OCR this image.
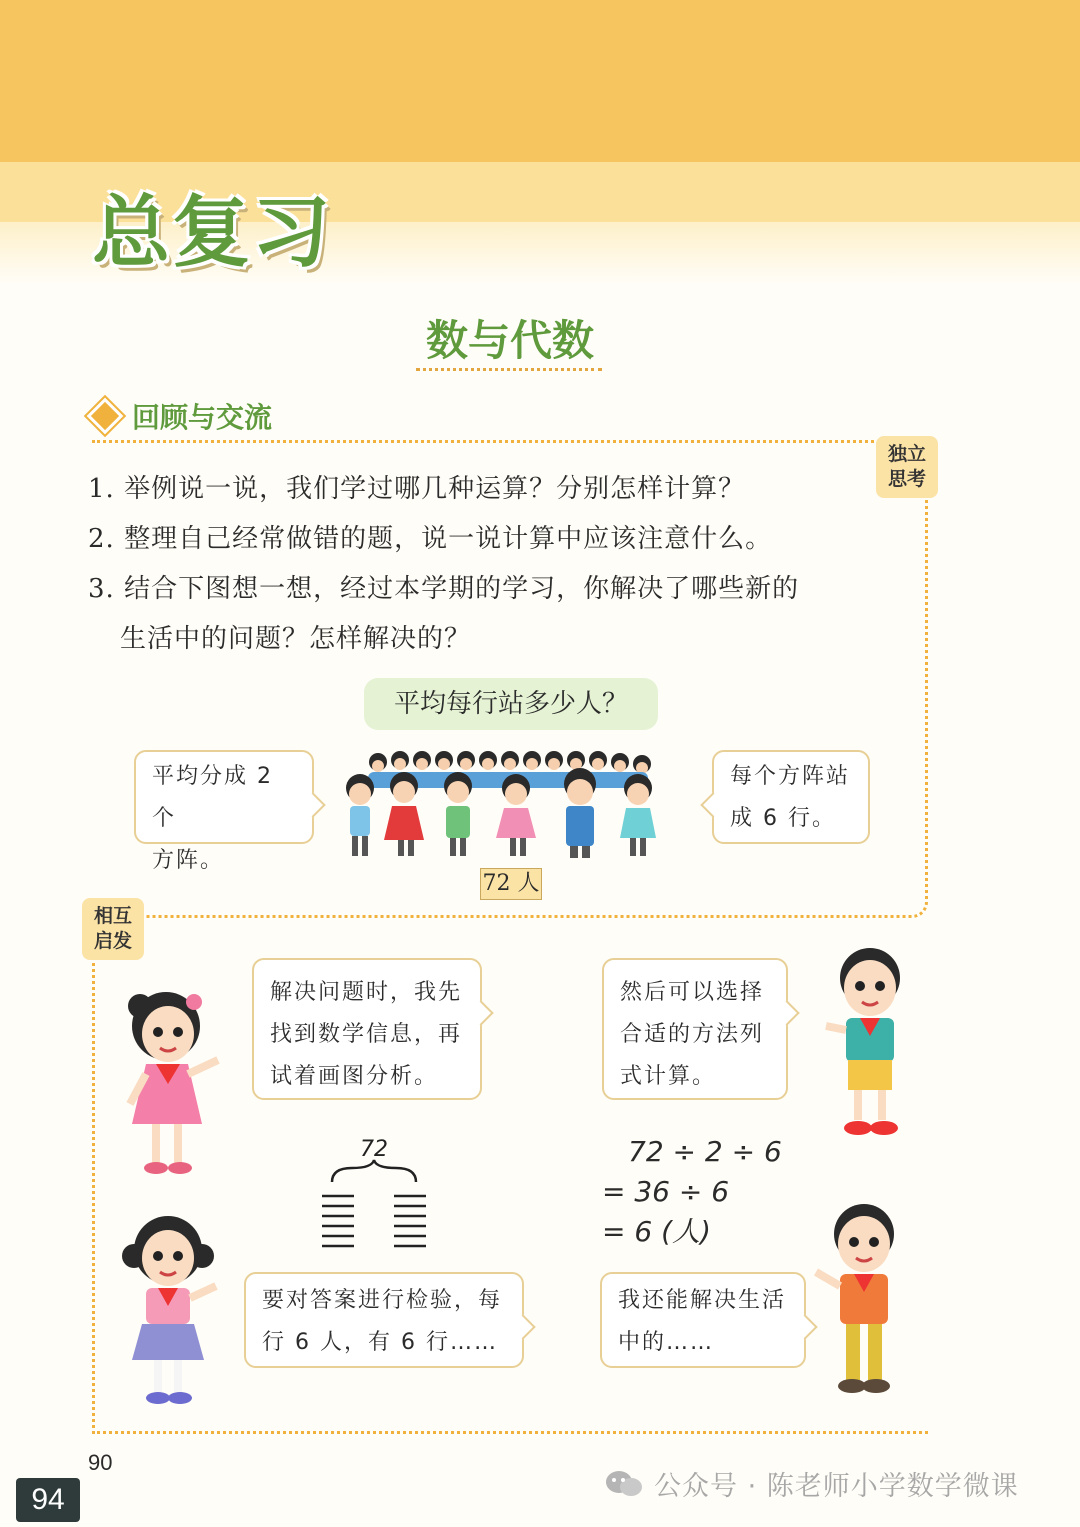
总复习
数与代数
回顾与交流
独立思考
相互启发
1. 举例说一说，我们学过哪几种运算？分别怎样计算？
2. 整理自己经常做错的题，说一说计算中应该注意什么。
3. 结合下图想一想，经过本学期的学习，你解决了哪些新的
生活中的问题？怎样解决的？
平均每行站多少人？
平均分成 2 个
方阵。
每个方阵站
成 6 行。
72 人
解决问题时，我先
找到数学信息，再
试着画图分析。
然后可以选择
合适的方法列
式计算。
要对答案进行检验，每
行 6 人，有 6 行……
我还能解决生活
中的……
72	72 ÷ 2 ÷ 6
= 36 ÷ 6
= 6 (人)
90
94	公众号 · 陈老师小学数学微课
